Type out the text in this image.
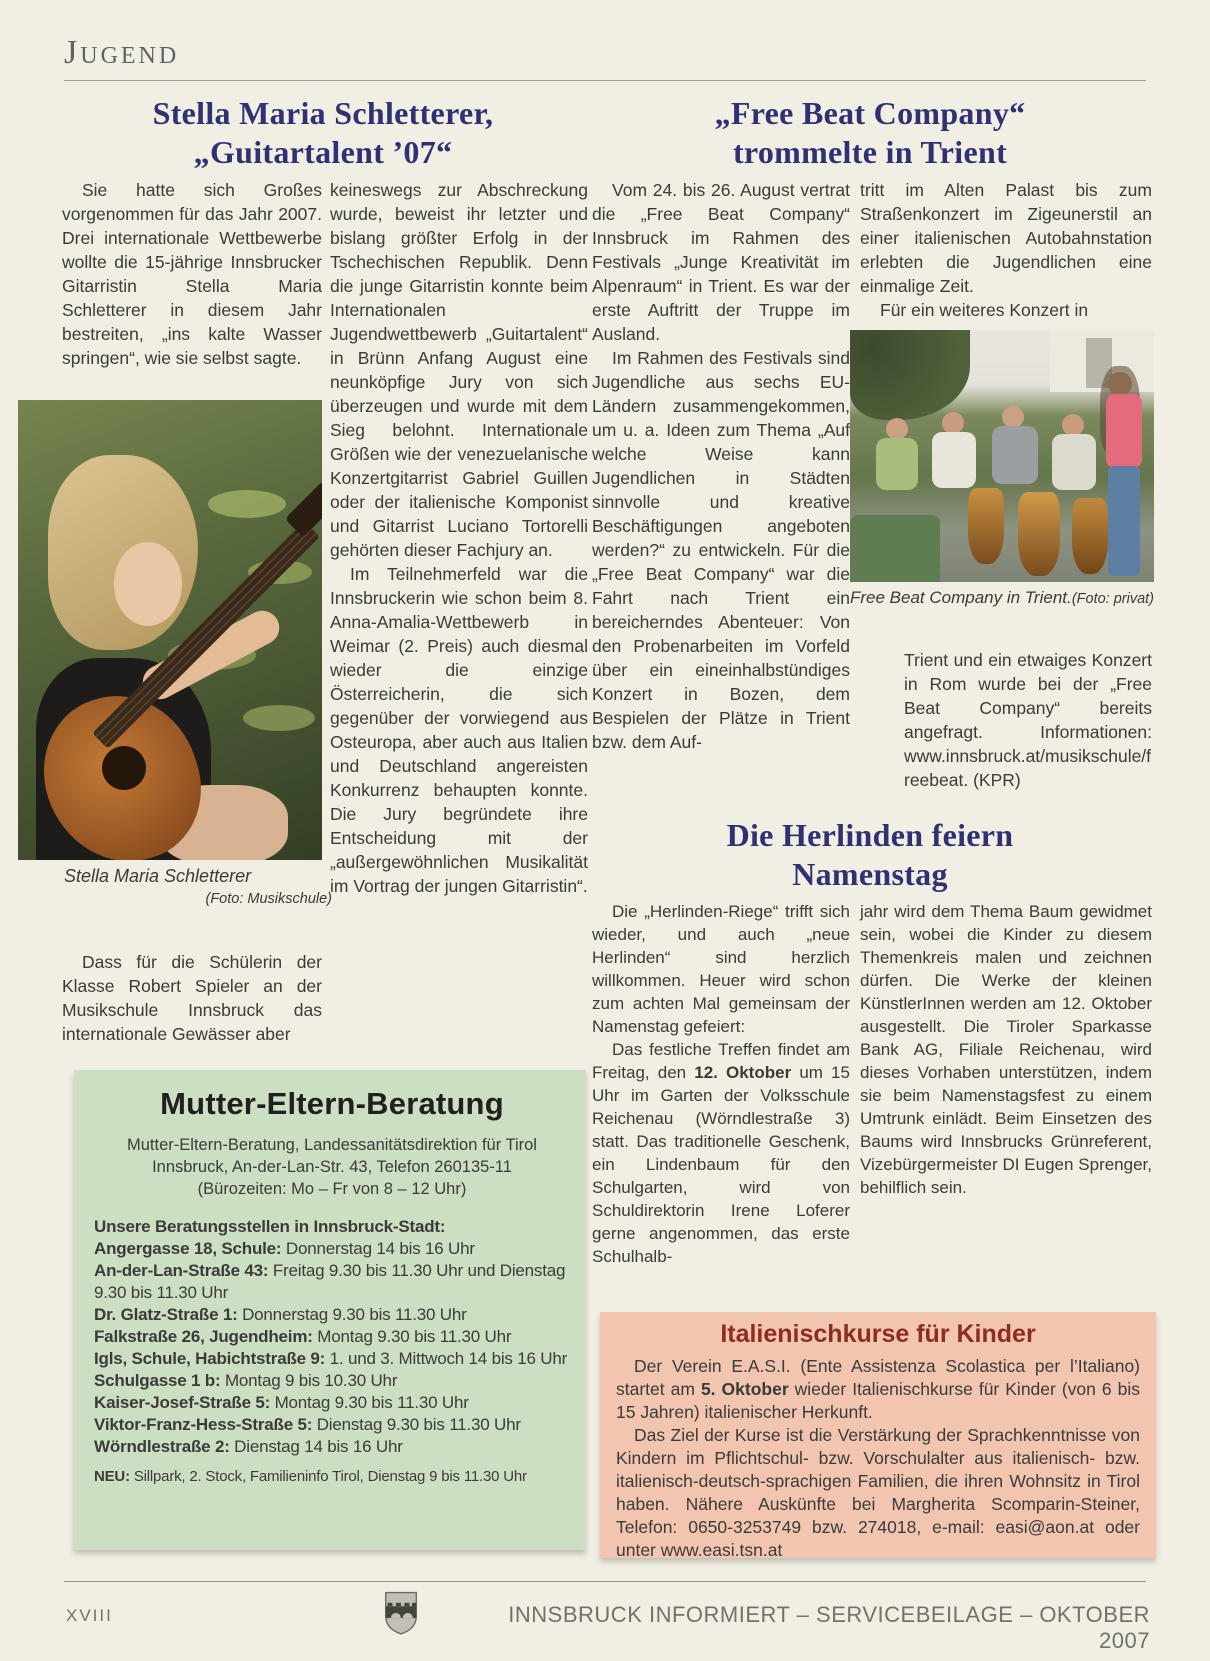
Jugend
Stella Maria Schletterer,
„Guitartalent ’07“

Sie hatte sich Großes vorgenommen für das Jahr 2007. Drei internationale Wettbewerbe wollte die 15-jährige Innsbrucker Gitarristin Stella Maria Schletterer in diesem Jahr bestreiten, „ins kalte Wasser springen“, wie sie selbst sagte.

Stella Maria Schletterer
(Foto: Musikschule)

Dass für die Schülerin der Klasse Robert Spieler an der Musikschule Innsbruck das internationale Gewässer aber

keineswegs zur Abschreckung wurde, beweist ihr letzter und bislang größter Erfolg in der Tschechischen Republik. Denn die junge Gitarristin konnte beim Internationalen Jugendwettbewerb „Guitartalent“ in Brünn Anfang August eine neunköpfige Jury von sich überzeugen und wurde mit dem Sieg belohnt. Internationale Größen wie der venezuelanische Konzertgitarrist Gabriel Guillen oder der italienische Komponist und Gitarrist Luciano Tortorelli gehörten dieser Fachjury an.

Im Teilnehmerfeld war die Innsbruckerin wie schon beim 8. Anna-Amalia-Wettbewerb in Weimar (2. Preis) auch diesmal wieder die einzige Österreicherin, die sich gegenüber der vorwiegend aus Osteuropa, aber auch aus Italien und Deutschland angereisten Konkurrenz behaupten konnte. Die Jury begründete ihre Entscheidung mit der „außergewöhnlichen Musikalität im Vortrag der jungen Gitarristin“.

„Free Beat Company“
trommelte in Trient

Vom 24. bis 26. August vertrat die „Free Beat Company“ Innsbruck im Rahmen des Festivals „Junge Kreativität im Alpenraum“ in Trient. Es war der erste Auftritt der Truppe im Ausland.

Im Rahmen des Festivals sind Jugendliche aus sechs EU-Ländern zusammengekommen, um u. a. Ideen zum Thema „Auf welche Weise kann Jugendlichen in Städten sinnvolle und kreative Beschäftigungen angeboten werden?“ zu entwickeln. Für die „Free Beat Company“ war die Fahrt nach Trient ein bereicherndes Abenteuer: Von den Probenarbeiten im Vorfeld über ein eineinhalbstündiges Konzert in Bozen, dem Bespielen der Plätze in Trient bzw. dem Auf-

tritt im Alten Palast bis zum Straßenkonzert im Zigeunerstil an einer italienischen Autobahnstation erlebten die Jugendlichen eine einmalige Zeit.

Für ein weiteres Konzert in

Free Beat Company in Trient. (Foto: privat)

Trient und ein etwaiges Konzert in Rom wurde bei der „Free Beat Company“ bereits angefragt. Informationen: www.innsbruck.at/musikschule/freebeat. (KPR)

Die Herlinden feiern
Namenstag

Die „Herlinden-Riege“ trifft sich wieder, und auch „neue Herlinden“ sind herzlich willkommen. Heuer wird schon zum achten Mal gemeinsam der Namenstag gefeiert:

Das festliche Treffen findet am Freitag, den 12. Oktober um 15 Uhr im Garten der Volksschule Reichenau (Wörndlestraße 3) statt. Das traditionelle Geschenk, ein Lindenbaum für den Schulgarten, wird von Schuldirektorin Irene Loferer gerne angenommen, das erste Schulhalb-

jahr wird dem Thema Baum gewidmet sein, wobei die Kinder zu diesem Themenkreis malen und zeichnen dürfen. Die Werke der kleinen KünstlerInnen werden am 12. Oktober ausgestellt. Die Tiroler Sparkasse Bank AG, Filiale Reichenau, wird dieses Vorhaben unterstützen, indem sie beim Namenstagsfest zu einem Umtrunk einlädt. Beim Einsetzen des Baums wird Innsbrucks Grünreferent, Vizebürgermeister DI Eugen Sprenger, behilflich sein.

Mutter-Eltern-Beratung
Mutter-Eltern-Beratung, Landessanitätsdirektion für Tirol
Innsbruck, An-der-Lan-Str. 43, Telefon 260135-11
(Bürozeiten: Mo – Fr von 8 – 12 Uhr)
Unsere Beratungsstellen in Innsbruck-Stadt:
Angergasse 18, Schule: Donnerstag 14 bis 16 Uhr
An-der-Lan-Straße 43: Freitag 9.30 bis 11.30 Uhr und Dienstag 9.30 bis 11.30 Uhr
Dr. Glatz-Straße 1: Donnerstag 9.30 bis 11.30 Uhr
Falkstraße 26, Jugendheim: Montag 9.30 bis 11.30 Uhr
Igls, Schule, Habichtstraße 9: 1. und 3. Mittwoch 14 bis 16 Uhr
Schulgasse 1 b: Montag 9 bis 10.30 Uhr
Kaiser-Josef-Straße 5: Montag 9.30 bis 11.30 Uhr
Viktor-Franz-Hess-Straße 5: Dienstag 9.30 bis 11.30 Uhr
Wörndlestraße 2: Dienstag 14 bis 16 Uhr
NEU: Sillpark, 2. Stock, Familieninfo Tirol, Dienstag 9 bis 11.30 Uhr
Italienischkurse für Kinder

Der Verein E.A.S.I. (Ente Assistenza Scolastica per l’Italiano) startet am 5. Oktober wieder Italienischkurse für Kinder (von 6 bis 15 Jahren) italienischer Herkunft.

Das Ziel der Kurse ist die Verstärkung der Sprachkenntnisse von Kindern im Pflichtschul- bzw. Vorschulalter aus italienisch- bzw. italienisch-deutsch-sprachigen Familien, die ihren Wohnsitz in Tirol haben. Nähere Auskünfte bei Margherita Scomparin-Steiner, Telefon: 0650-3253749 bzw. 274018, e-mail: easi@aon.at oder unter www.easi.tsn.at

XVIII	INNSBRUCK INFORMIERT – SERVICEBEILAGE – OKTOBER 2007
